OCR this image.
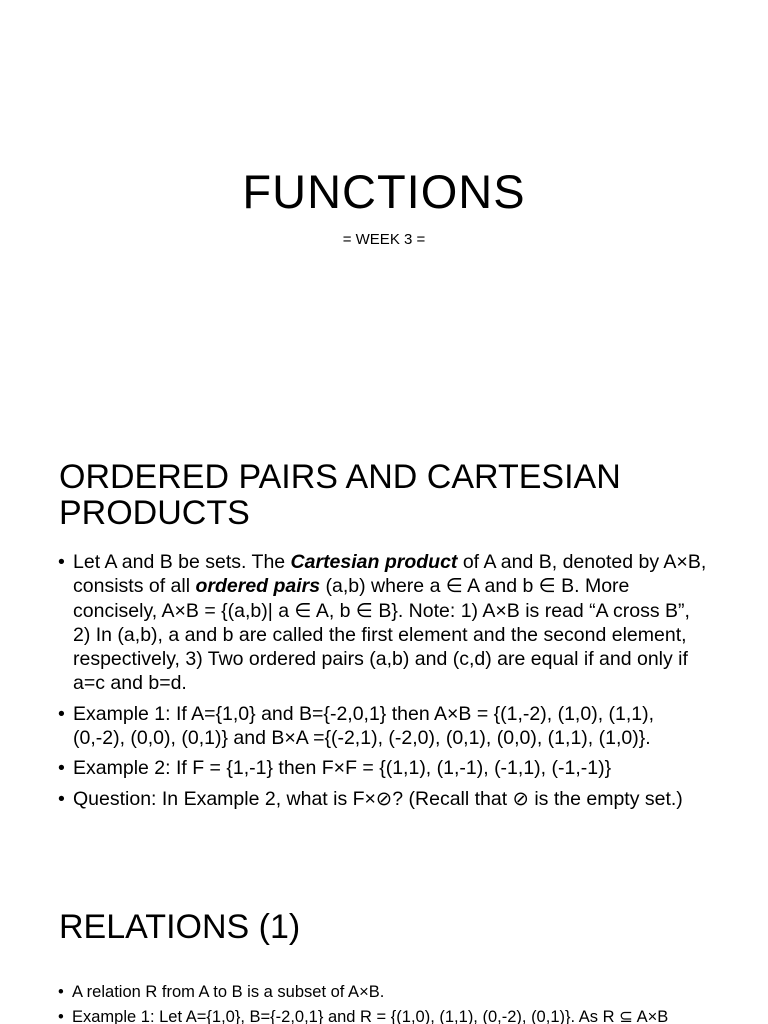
FUNCTIONS
= WEEK 3 =
ORDERED PAIRS AND CARTESIAN
PRODUCTS
• Let A and B be sets. The Cartesian product of A and B, denoted by A×B, consists of all ordered pairs (a,b) where a ∈ A and b ∈ B. More concisely, A×B = {(a,b)| a ∈ A, b ∈ B}. Note: 1) A×B is read “A cross B”, 2) In (a,b), a and b are called the first element and the second element, respectively, 3) Two ordered pairs (a,b) and (c,d) are equal if and only if a=c and b=d.
• Example 1: If A={1,0} and B={-2,0,1} then A×B = {(1,-2), (1,0), (1,1), (0,-2), (0,0), (0,1)} and B×A ={(-2,1), (-2,0), (0,1), (0,0), (1,1), (1,0)}.
• Example 2: If F = {1,-1} then F×F = {(1,1), (1,-1), (-1,1), (-1,-1)}
• Question: In Example 2, what is F×⊘? (Recall that ⊘ is the empty set.)
RELATIONS (1)
• A relation R from A to B is a subset of A×B.
• Example 1: Let A={1,0}, B={-2,0,1} and R = {(1,0), (1,1), (0,-2), (0,1)}. As R ⊆ A×B
